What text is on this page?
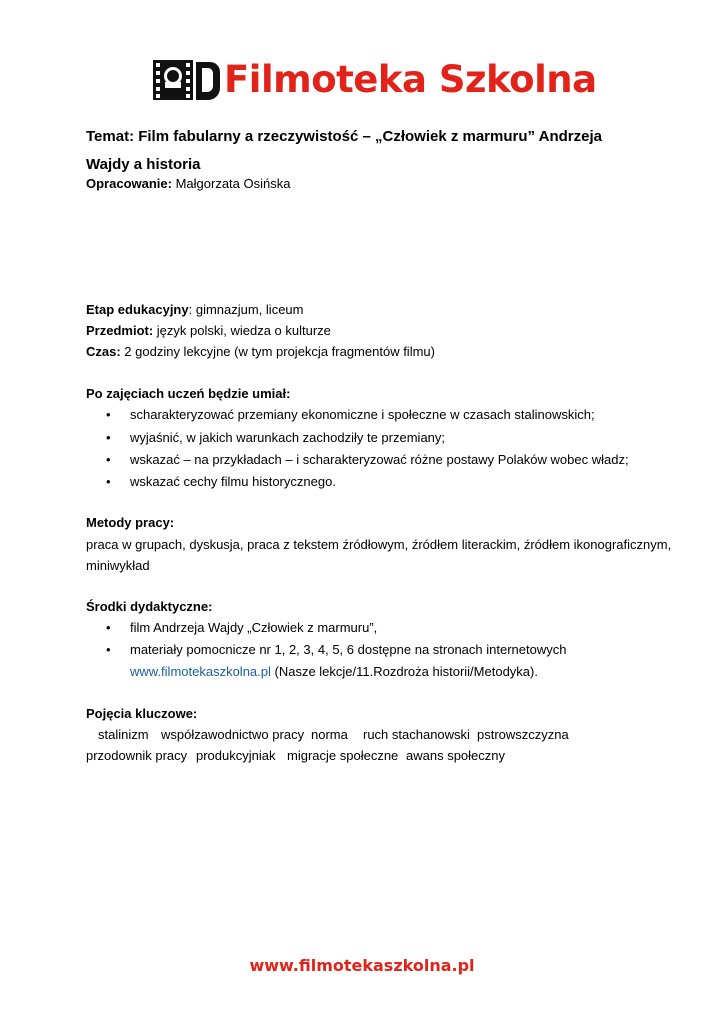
Filmoteka Szkolna
Temat: Film fabularny a rzeczywistość – „Człowiek z marmuru” Andrzeja Wajdy a historia
Opracowanie: Małgorzata Osińska
Etap edukacyjny: gimnazjum, liceum
Przedmiot: język polski, wiedza o kulturze
Czas: 2 godziny lekcyjne (w tym projekcja fragmentów filmu)
Po zajęciach uczeń będzie umiał:
• scharakteryzować przemiany ekonomiczne i społeczne w czasach stalinowskich;
• wyjaśnić, w jakich warunkach zachodziły te przemiany;
• wskazać – na przykładach – i scharakteryzować różne postawy Polaków wobec władz;
• wskazać cechy filmu historycznego.
Metody pracy:
praca w grupach, dyskusja, praca z tekstem źródłowym, źródłem literackim, źródłem ikonograficznym,
miniwykład
Środki dydaktyczne:
• film Andrzeja Wajdy „Człowiek z marmuru”,
• materiały pomocnicze nr 1, 2, 3, 4, 5, 6 dostępne na stronach internetowych
www.filmotekaszkolna.pl (Nasze lekcje/11.Rozdroża historii/Metodyka).
Pojęcia kluczowe:
stalinizm współzawodnictwo pracy norma ruch stachanowski pstrowszczyzna
przodownik pracy produkcyjniak migracje społeczne awans społeczny
www.filmotekaszkolna.pl
